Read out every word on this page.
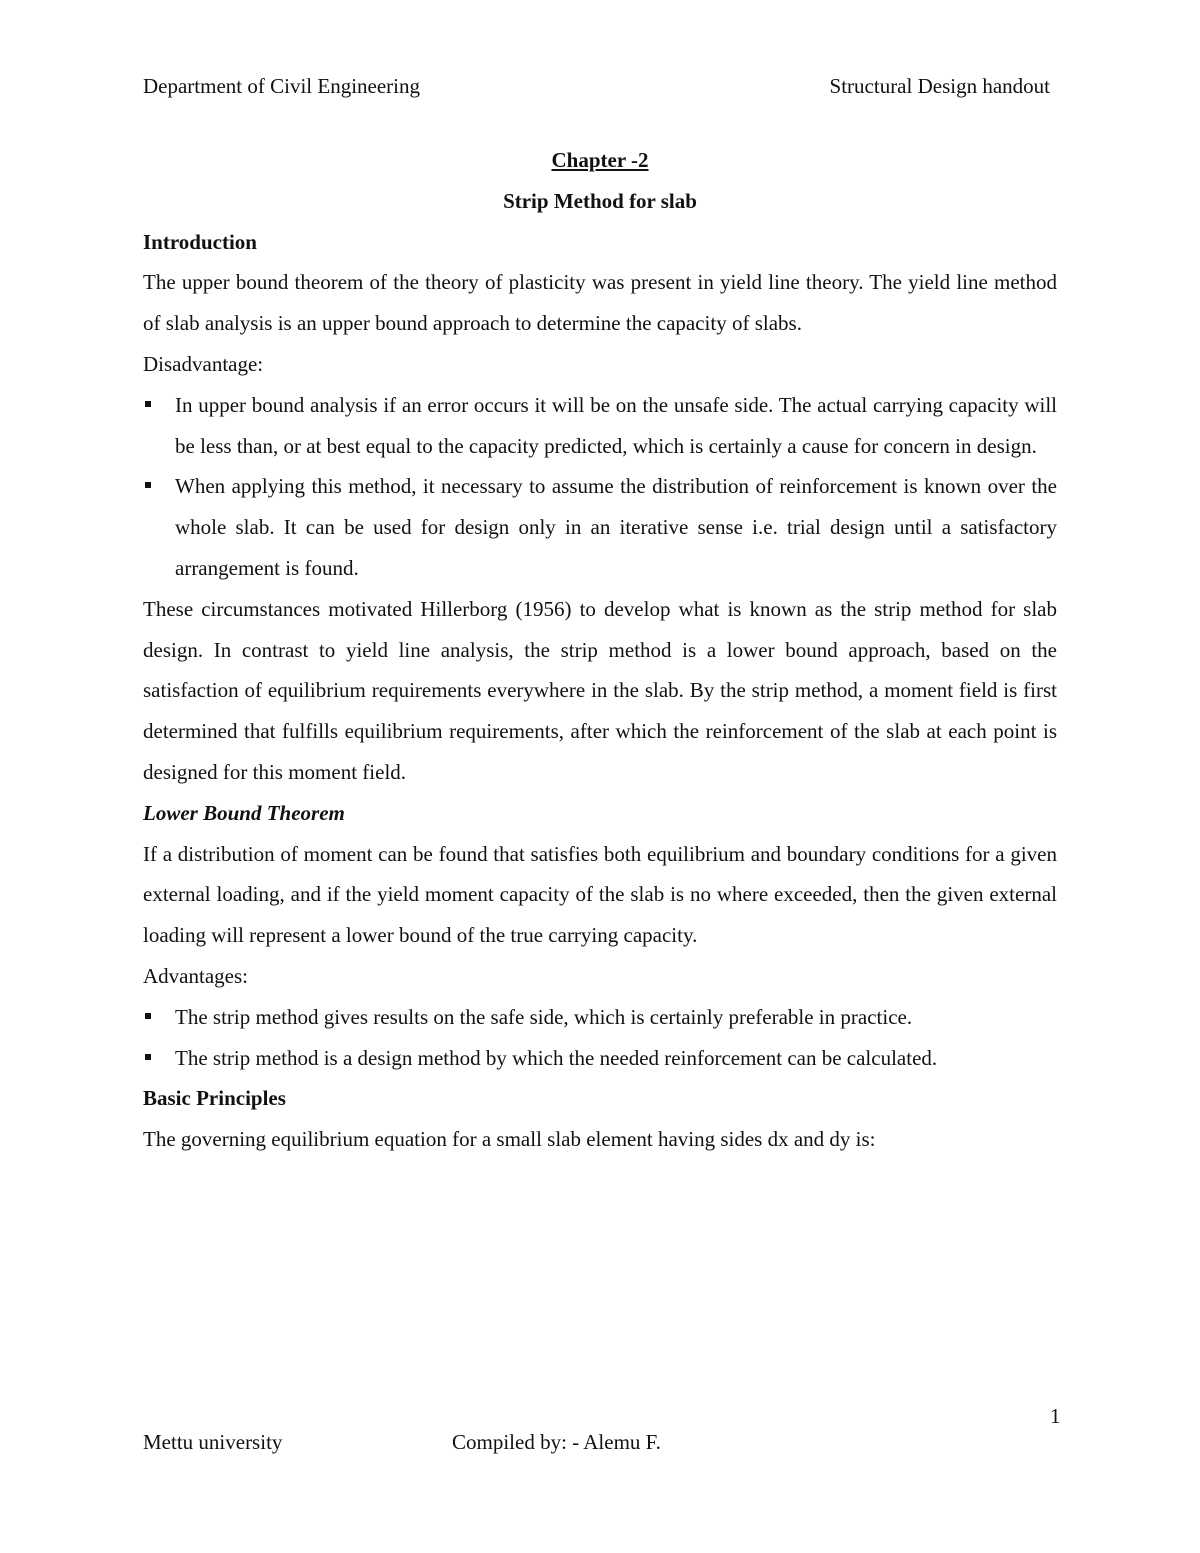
Department of Civil Engineering	Structural Design handout

Chapter -2

Strip Method for slab

Introduction

The upper bound theorem of the theory of plasticity was present in yield line theory. The yield line method of slab analysis is an upper bound approach to determine the capacity of slabs.

Disadvantage:

In upper bound analysis if an error occurs it will be on the unsafe side. The actual carrying capacity will be less than, or at best equal to the capacity predicted, which is certainly a cause for concern in design.
When applying this method, it necessary to assume the distribution of reinforcement is known over the whole slab. It can be used for design only in an iterative sense i.e. trial design until a satisfactory arrangement is found.

These circumstances motivated Hillerborg (1956) to develop what is known as the strip method for slab design. In contrast to yield line analysis, the strip method is a lower bound approach, based on the satisfaction of equilibrium requirements everywhere in the slab. By the strip method, a moment field is first determined that fulfills equilibrium requirements, after which the reinforcement of the slab at each point is designed for this moment field.

Lower Bound Theorem

If a distribution of moment can be found that satisfies both equilibrium and boundary conditions for a given external loading, and if the yield moment capacity of the slab is no where exceeded, then the given external loading will represent a lower bound of the true carrying capacity.

Advantages:

The strip method gives results on the safe side, which is certainly preferable in practice.
The strip method is a design method by which the needed reinforcement can be calculated.

Basic Principles

The governing equilibrium equation for a small slab element having sides dx and dy is:

1
Mettu university	Compiled by: - Alemu F.
